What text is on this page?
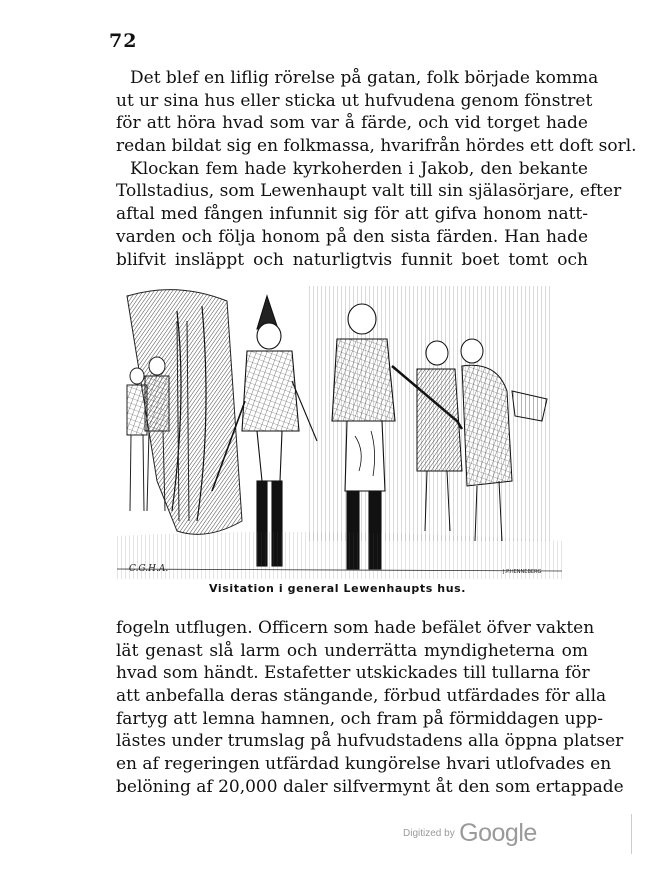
72
Det blef en liflig rörelse på gatan, folk började komma
ut ur sina hus eller sticka ut hufvudena genom fönstret
för att höra hvad som var å färde, och vid torget hade
redan bildat sig en folkmassa, hvarifrån hördes ett doft sorl.
Klockan fem hade kyrkoherden i Jakob, den bekante
Tollstadius, som Lewenhaupt valt till sin själasörjare, efter
aftal med fången infunnit sig för att gifva honom natt-
varden och följa honom på den sista färden. Han hade
blifvit insläppt och naturligtvis funnit boet tomt och
C.G.H.A.	J.P.HENNEBERG
Visitation i general Lewenhaupts hus.
fogeln utflugen. Officern som hade befälet öfver vakten
lät genast slå larm och underrätta myndigheterna om
hvad som händt. Estafetter utskickades till tullarna för
att anbefalla deras stängande, förbud utfärdades för alla
fartyg att lemna hamnen, och fram på förmiddagen upp-
lästes under trumslag på hufvudstadens alla öppna platser
en af regeringen utfärdad kungörelse hvari utlofvades en
belöning af 20,000 daler silfvermynt åt den som ertappade
Digitized by Google
